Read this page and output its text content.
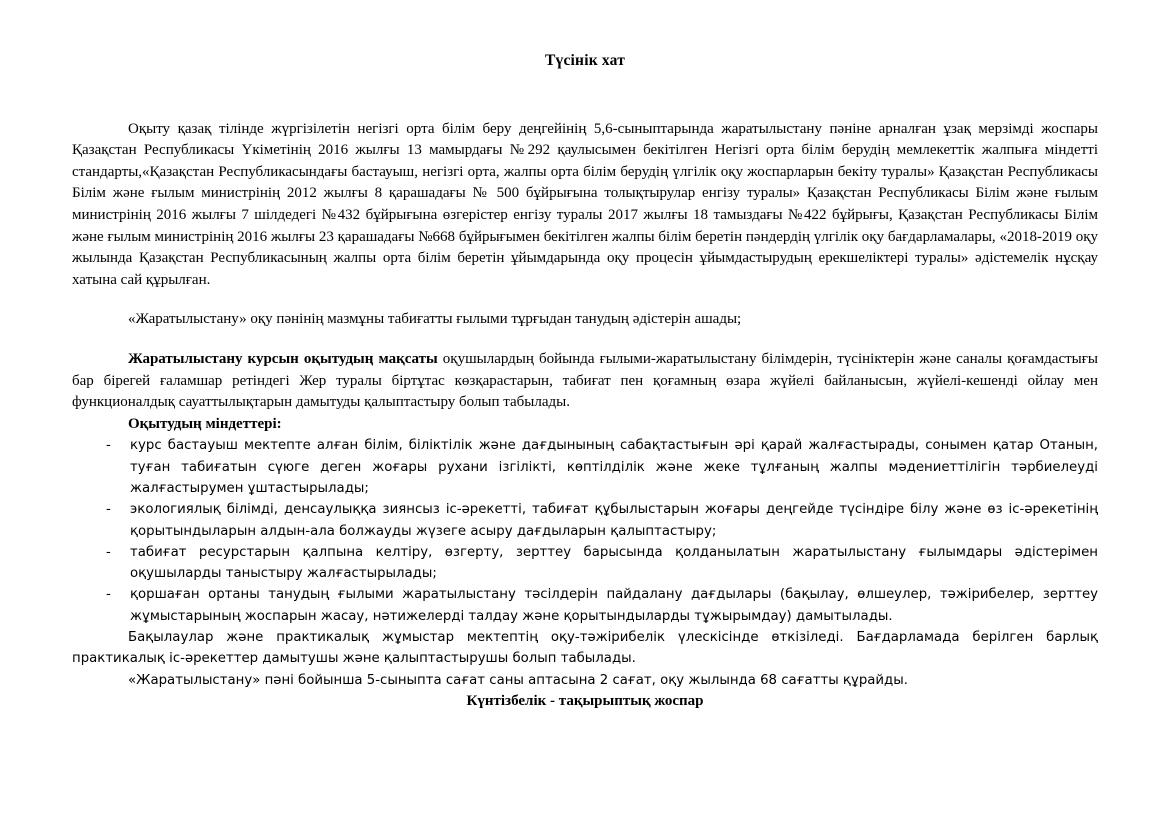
Түсінік хат

Оқыту қазақ тілінде жүргізілетін негізгі орта білім беру деңгейінің 5,6-сыныптарында жаратылыстану пәніне арналған ұзақ мерзімді жоспары Қазақстан Республикасы Үкіметінің 2016 жылғы 13 мамырдағы №292 қаулысымен бекітілген Негізгі орта білім берудің мемлекеттік жалпыға міндетті стандарты,«Қазақстан Республикасындағы бастауыш, негізгі орта, жалпы орта білім берудің үлгілік оқу жоспарларын бекіту туралы» Қазақстан Республикасы Білім және ғылым министрінің 2012 жылғы 8 қарашадағы № 500 бұйрығына толықтырулар енгізу туралы» Қазақстан Республикасы Білім және ғылым министрінің 2016 жылғы 7 шілдедегі №432 бұйрығына өзгерістер енгізу туралы 2017 жылғы 18 тамыздағы №422 бұйрығы, Қазақстан Республикасы Білім және ғылым министрінің 2016 жылғы 23 қарашадағы №668 бұйрығымен бекітілген жалпы білім беретін пәндердің үлгілік оқу бағдарламалары, «2018-2019 оқу жылында Қазақстан Республикасының жалпы орта білім беретін ұйымдарында оқу процесін ұйымдастырудың ерекшеліктері туралы» әдістемелік нұсқау хатына сай құрылған.

«Жаратылыстану» оқу пәнінің мазмұны табиғатты ғылыми тұрғыдан танудың әдістерін ашады;

Жаратылыстану курсын оқытудың мақсаты оқушылардың бойында ғылыми-жаратылыстану білімдерін, түсініктерін және саналы қоғамдастығы бар бірегей ғаламшар ретіндегі Жер туралы біртұтас көзқарастарын, табиғат пен қоғамның өзара жүйелі байланысын, жүйелі-кешенді ойлау мен функционалдық сауаттылықтарын дамытуды қалыптастыру болып табылады.

Оқытудың міндеттері:

- курс бастауыш мектепте алған білім, біліктілік және дағдынының сабақтастығын әрі қарай жалғастырады, сонымен қатар Отанын, туған табиғатын сүюге деген жоғары рухани ізгілікті, көптілділік және жеке тұлғаның жалпы мәдениеттілігін тәрбиелеуді жалғастырумен ұштастырылады;
- экологиялық білімді, денсаулыққа зиянсыз іс-әрекетті, табиғат құбылыстарын жоғары деңгейде түсіндіре білу және өз іс-әрекетінің қорытындыларын алдын-ала болжауды жүзеге асыру дағдыларын қалыптастыру;
- табиғат ресурстарын қалпына келтіру, өзгерту, зерттеу барысында қолданылатын жаратылыстану ғылымдары әдістерімен оқушыларды таныстыру жалғастырылады;
- қоршаған ортаны танудың ғылыми жаратылыстану тәсілдерін пайдалану дағдылары (бақылау, өлшеулер, тәжірибелер, зерттеу жұмыстарының жоспарын жасау, нәтижелерді талдау және қорытындыларды тұжырымдау) дамытылады.

Бақылаулар және практикалық жұмыстар мектептің оқу-тәжірибелік үлескісінде өткізіледі. Бағдарламада берілген барлық практикалық іс-әрекеттер дамытушы және қалыптастырушы болып табылады.

«Жаратылыстану» пәні бойынша 5-сыныпта сағат саны аптасына 2 сағат, оқу жылында 68 сағатты құрайды.

Күнтізбелік - тақырыптық жоспар
